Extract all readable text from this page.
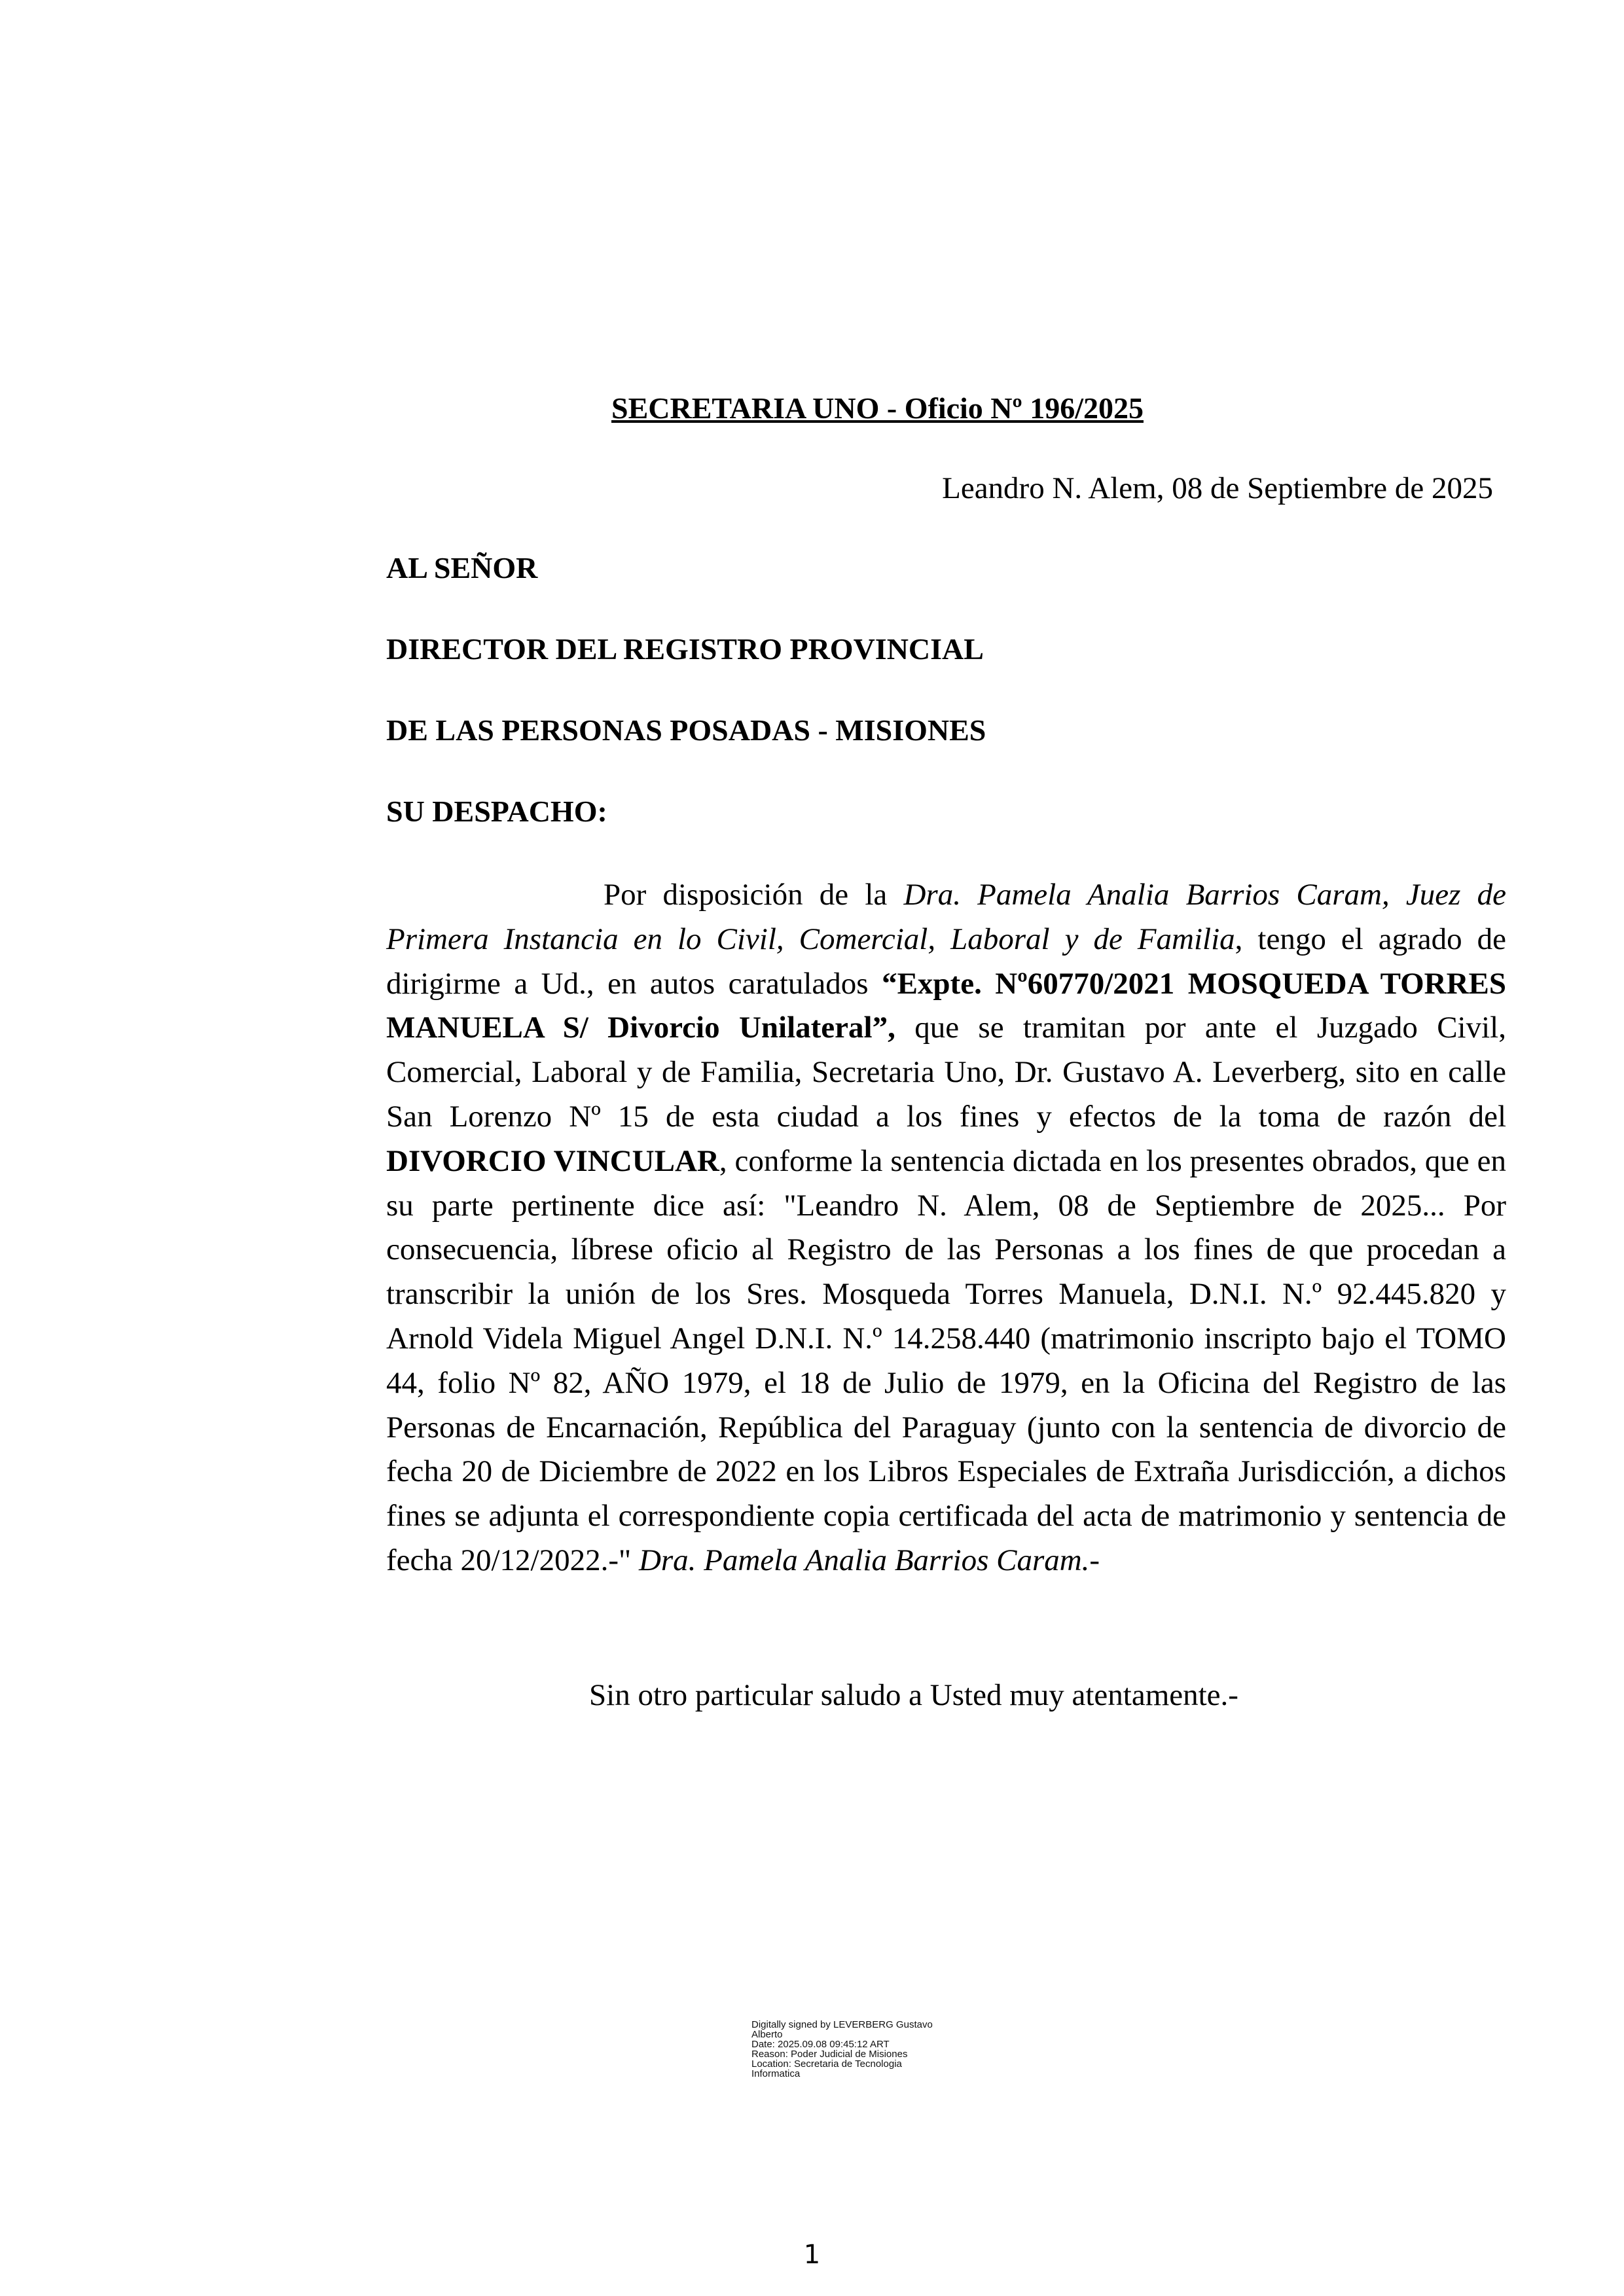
SECRETARIA UNO - Oficio Nº 196/2025
Leandro N. Alem, 08 de Septiembre de 2025
AL SEÑOR
DIRECTOR DEL REGISTRO PROVINCIAL
DE LAS PERSONAS POSADAS - MISIONES
SU DESPACHO:
Por disposición de la Dra. Pamela Analia Barrios Caram, Juez de Primera Instancia en lo Civil, Comercial, Laboral y de Familia, tengo el agrado de dirigirme a Ud., en autos caratulados “Expte. Nº60770/2021 MOSQUEDA TORRES MANUELA S/ Divorcio Unilateral”, que se tramitan por ante el Juzgado Civil, Comercial, Laboral y de Familia, Secretaria Uno, Dr. Gustavo A. Leverberg, sito en calle San Lorenzo Nº 15 de esta ciudad a los fines y efectos de la toma de razón del DIVORCIO VINCULAR, conforme la sentencia dictada en los presentes obrados, que en su parte pertinente dice así: "Leandro N. Alem, 08 de Septiembre de 2025... Por consecuencia, líbrese oficio al Registro de las Personas a los fines de que procedan a transcribir la unión de los Sres. Mosqueda Torres Manuela, D.N.I. N.º 92.445.820 y Arnold Videla Miguel Angel D.N.I. N.º 14.258.440 (matrimonio inscripto bajo el TOMO 44, folio Nº 82, AÑO 1979, el 18 de Julio de 1979, en la Oficina del Registro de las Personas de Encarnación, República del Paraguay (junto con la sentencia de divorcio de fecha 20 de Diciembre de 2022 en los Libros Especiales de Extraña Jurisdicción, a dichos fines se adjunta el correspondiente copia certificada del acta de matrimonio y sentencia de fecha 20/12/2022.-" Dra. Pamela Analia Barrios Caram.-
Sin otro particular saludo a Usted muy atentamente.-
Digitally signed by LEVERBERG Gustavo
Alberto
Date: 2025.09.08 09:45:12 ART
Reason: Poder Judicial de Misiones
Location: Secretaria de Tecnologia
Informatica
1
